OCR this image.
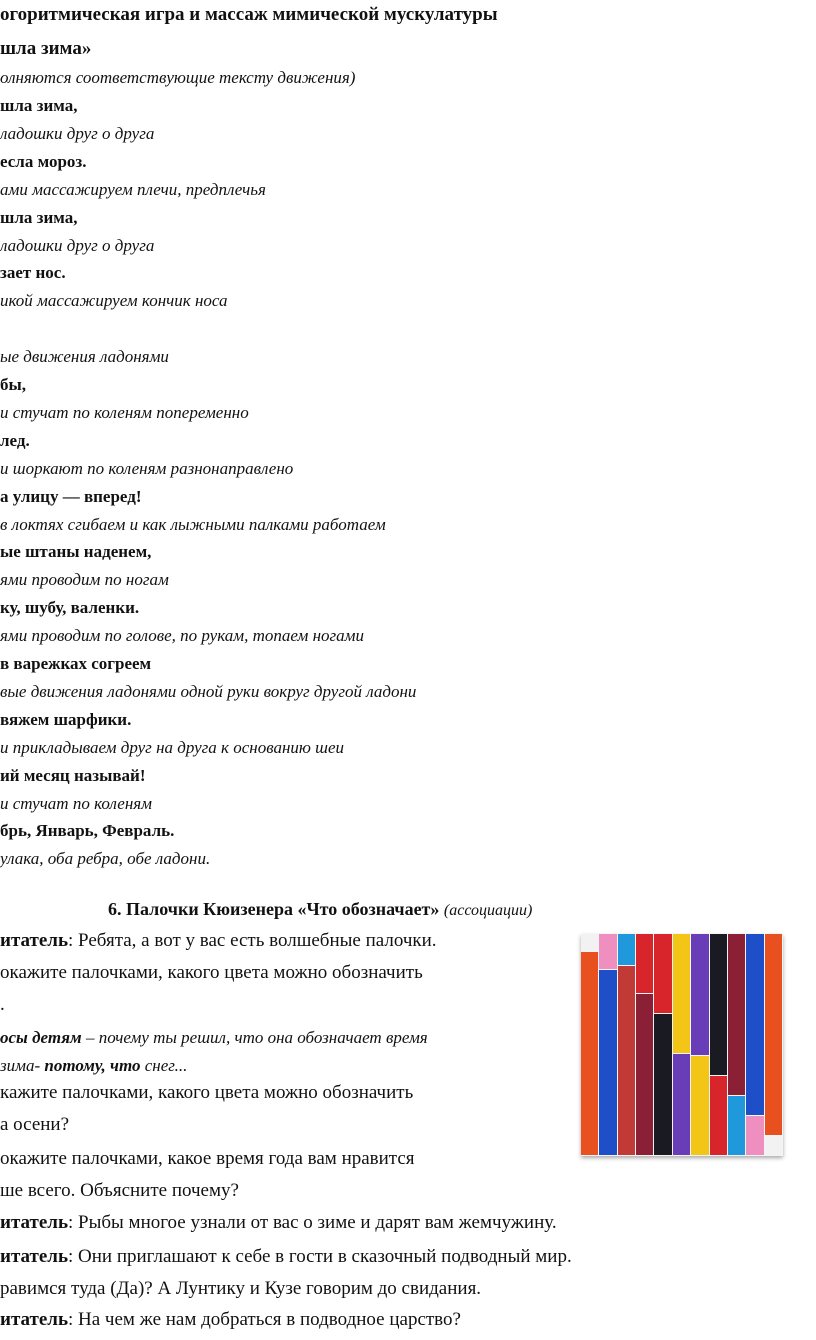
огоритмическая игра и массаж мимической мускулатуры
шла зима»
олняются соответствующие тексту движения)
шла зима,
ладошки друг о друга
есла мороз.
ами массажируем плечи, предплечья
шла зима,
ладошки друг о друга
зает нос.
икой массажируем кончик носа
ые движения ладонями
бы,
и стучат по коленям попеременно
лед.
и шоркают по коленям разнонаправлено
а улицу — вперед!
в локтях сгибаем и как лыжными палками работаем
ые штаны наденем,
ями проводим по ногам
ку, шубу, валенки.
ями проводим по голове, по рукам, топаем ногами
в варежках согреем
вые движения ладонями одной руки вокруг другой ладони
вяжем шарфики.
и прикладываем друг на друга к основанию шеи
ий месяц называй!
и стучат по коленям
брь, Январь, Февраль.
улака, оба ребра, обе ладони.
6. Палочки Кюизенера «Что обозначает» (ассоциации)
итатель: Ребята, а вот у вас есть волшебные палочки.
окажите палочками, какого цвета можно обозначить
.
осы детям – почему ты решил, что она обозначает время
зима- потому, что снег...
кажите палочками, какого цвета можно обозначить
а осени?
окажите палочками, какое время года вам нравится
ше всего. Объясните почему?
итатель: Рыбы многое узнали от вас о зиме и дарят вам жемчужину.
итатель: Они приглашают к себе в гости в сказочный подводный мир.
равимся туда (Да)? А Лунтику и Кузе говорим до свидания.
итатель: На чем же нам добраться в подводное царство?
